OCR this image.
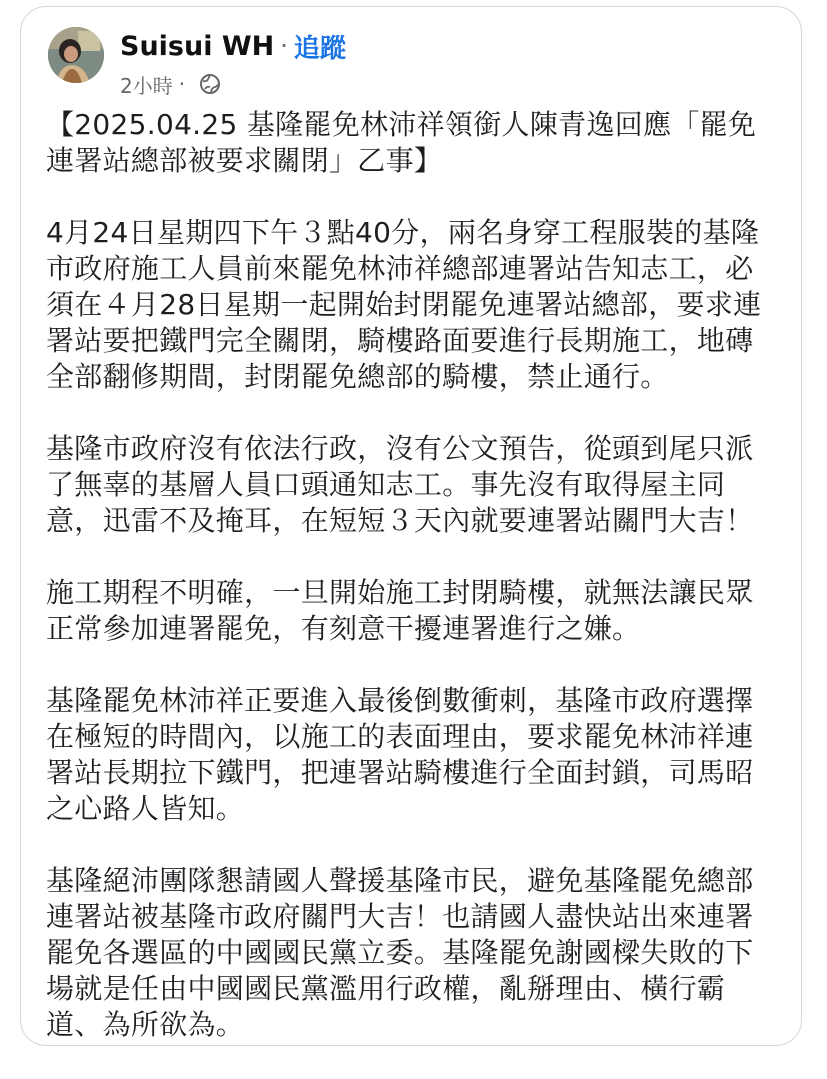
Suisui WH · 追蹤
2小時 ·

【2025.04.25 基隆罷免林沛祥領銜人陳青逸回應「罷免連署站總部被要求關閉」乙事】

4月24日星期四下午３點40分，兩名身穿工程服裝的基隆市政府施工人員前來罷免林沛祥總部連署站告知志工，必須在４月28日星期一起開始封閉罷免連署站總部，要求連署站要把鐵門完全關閉，騎樓路面要進行長期施工，地磚全部翻修期間，封閉罷免總部的騎樓，禁止通行。

基隆市政府沒有依法行政，沒有公文預告，從頭到尾只派了無辜的基層人員口頭通知志工。事先沒有取得屋主同意，迅雷不及掩耳，在短短３天內就要連署站關門大吉！

施工期程不明確，一旦開始施工封閉騎樓，就無法讓民眾正常參加連署罷免，有刻意干擾連署進行之嫌。

基隆罷免林沛祥正要進入最後倒數衝刺，基隆市政府選擇在極短的時間內，以施工的表面理由，要求罷免林沛祥連署站長期拉下鐵門，把連署站騎樓進行全面封鎖，司馬昭之心路人皆知。

基隆絕沛團隊懇請國人聲援基隆市民，避免基隆罷免總部連署站被基隆市政府關門大吉！也請國人盡快站出來連署罷免各選區的中國國民黨立委。基隆罷免謝國樑失敗的下場就是任由中國國民黨濫用行政權，亂掰理由、橫行霸道、為所欲為。
